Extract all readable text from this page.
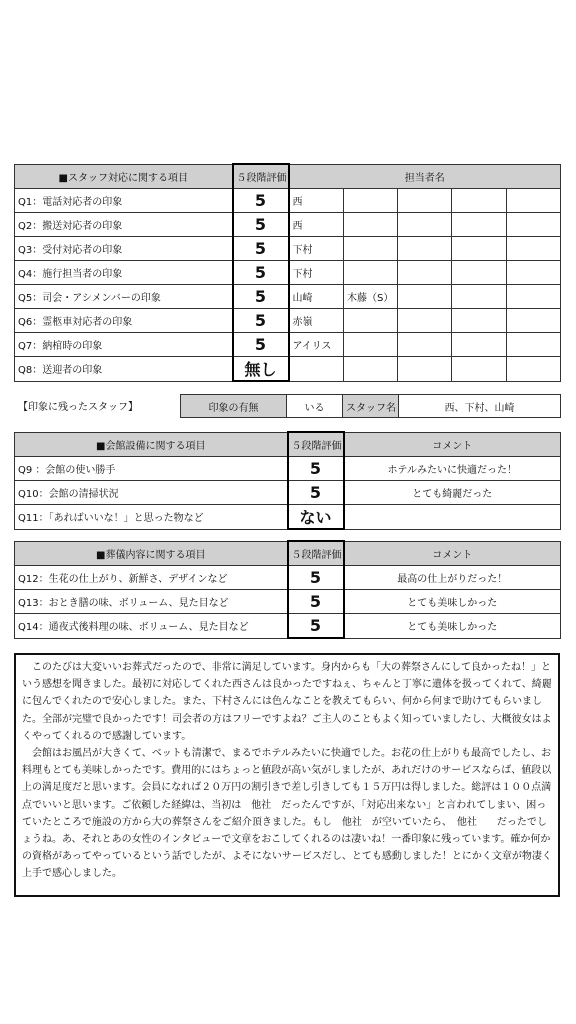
■スタッフ対応に関する項目	５段階評価	担当者名				
Q1：電話対応者の印象	5	西				
Q2：搬送対応者の印象	5	西				
Q3：受付対応者の印象	5	下村				
Q4：施行担当者の印象	5	下村				
Q5：司会・アシメンバーの印象	5	山崎	木藤（S）			
Q6：霊柩車対応者の印象	5	赤嶺				
Q7：納棺時の印象	5	アイリス				
Q8：送迎者の印象	無し					
【印象に残ったスタッフ】	印象の有無	いる	スタッフ名	西、下村、山崎
■会館設備に関する項目	５段階評価	コメント
Q9 ：会館の使い勝手	5	ホテルみたいに快適だった！
Q10：会館の清掃状況	5	とても綺麗だった
Q11：「あればいいな！」と思った物など	ない	
■葬儀内容に関する項目	５段階評価	コメント
Q12：生花の仕上がり、新鮮さ、デザインなど	5	最高の仕上がりだった！
Q13：おとき膳の味、ボリューム、見た目など	5	とても美味しかった
Q14：通夜式後料理の味、ボリューム、見た目など	5	とても美味しかった

このたびは大変いいお葬式だったので、非常に満足しています。身内からも「大の葬祭さんにして良かったね！」という感想を聞きました。最初に対応してくれた西さんは良かったですねぇ、ちゃんと丁寧に遺体を扱ってくれて、綺麗に包んでくれたので安心しました。また、下村さんには色んなことを教えてもらい、何から何まで助けてもらいました。全部が完璧で良かったです！司会者の方はフリーですよね？ご主人のこともよく知っていましたし、大概彼女はよくやってくれるので感謝しています。

会館はお風呂が大きくて、ベットも清潔で、まるでホテルみたいに快適でした。お花の仕上がりも最高でしたし、お料理もとても美味しかったです。費用的にはちょっと値段が高い気がしましたが、あれだけのサービスならば、値段以上の満足度だと思います。会員になれば２０万円の割引きで差し引きしても１５万円は得しました。総評は１００点満点でいいと思います。ご依頼した経緯は、当初は　他社　だったんですが、「対応出来ない」と言われてしまい、困っていたところで施設の方から大の葬祭さんをご紹介頂きました。もし　他社　が空いていたら、　他社　　だったでしょうね。あ、それとあの女性のインタビューで文章をおこしてくれるのは凄いね！一番印象に残っています。確か何かの資格があってやっているという話でしたが、よそにないサービスだし、とても感動しました！とにかく文章が物凄く上手で感心しました。
